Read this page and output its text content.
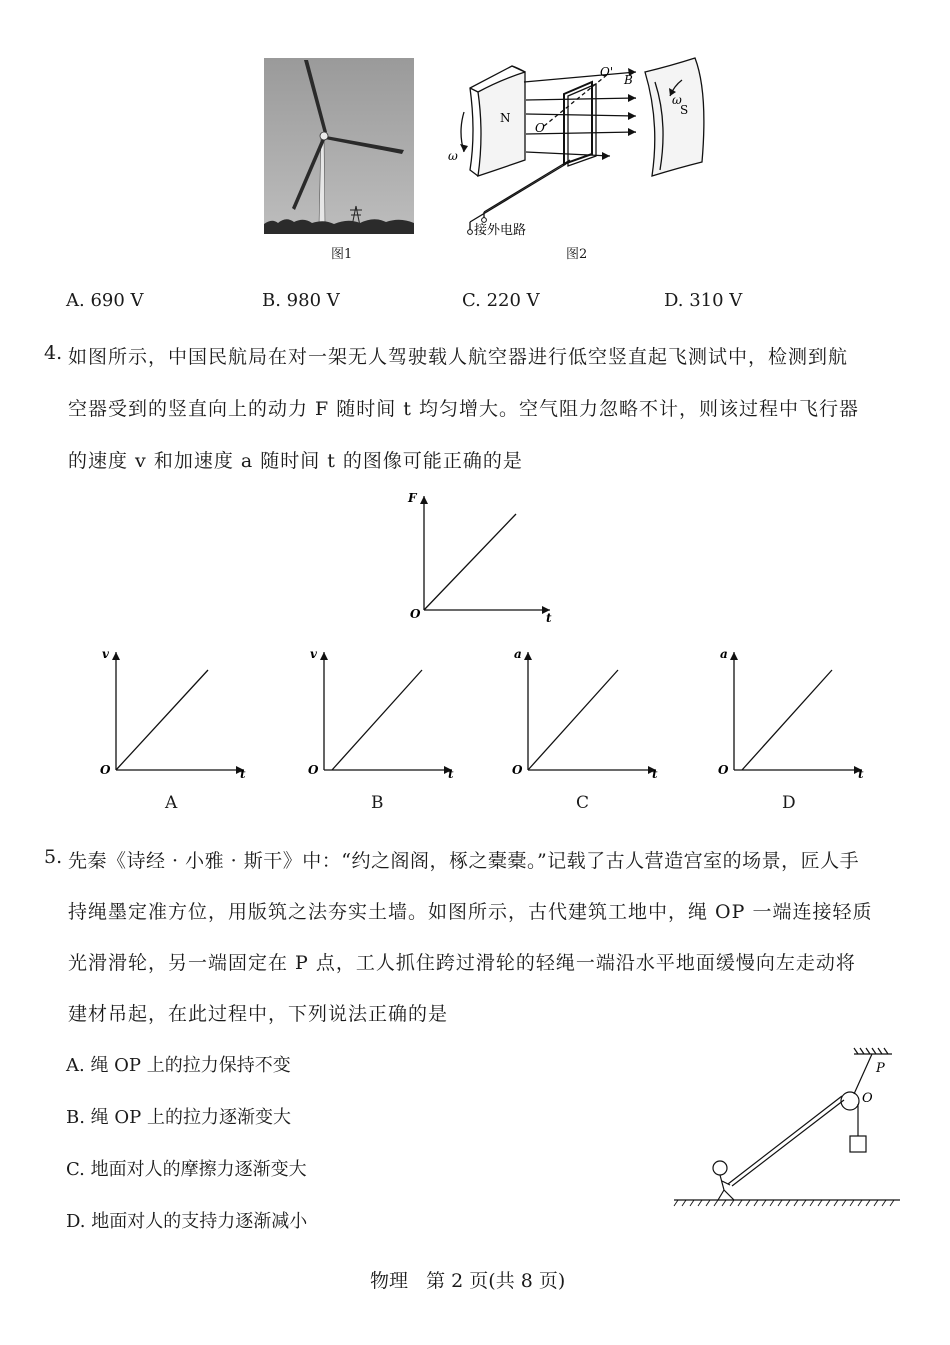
图1
O'
B
N
S
O
ω
ω
接外电路
图2
A. 690 V	B. 980 V	C. 220 V	D. 310 V
4. 如图所示，中国民航局在对一架无人驾驶载人航空器进行低空竖直起飞测试中，检测到航
空器受到的竖直向上的动力 F 随时间 t 均匀增大。空气阻力忽略不计，则该过程中飞行器
的速度 v 和加速度 a 随时间 t 的图像可能正确的是
F
t
O
v
t
O
v
t
O
a
t
O
a
t
O
A	B	C	D
5. 先秦《诗经 · 小雅 · 斯干》中：“约之阁阁，椓之橐橐。”记载了古人营造宫室的场景，匠人手
持绳墨定准方位，用版筑之法夯实土墙。如图所示，古代建筑工地中，绳 OP 一端连接轻质
光滑滑轮，另一端固定在 P 点，工人抓住跨过滑轮的轻绳一端沿水平地面缓慢向左走动将
建材吊起，在此过程中，下列说法正确的是
A. 绳 OP 上的拉力保持不变
B. 绳 OP 上的拉力逐渐变大
C. 地面对人的摩擦力逐渐变大
D. 地面对人的支持力逐渐减小
P
O
物理   第 2 页(共 8 页)
